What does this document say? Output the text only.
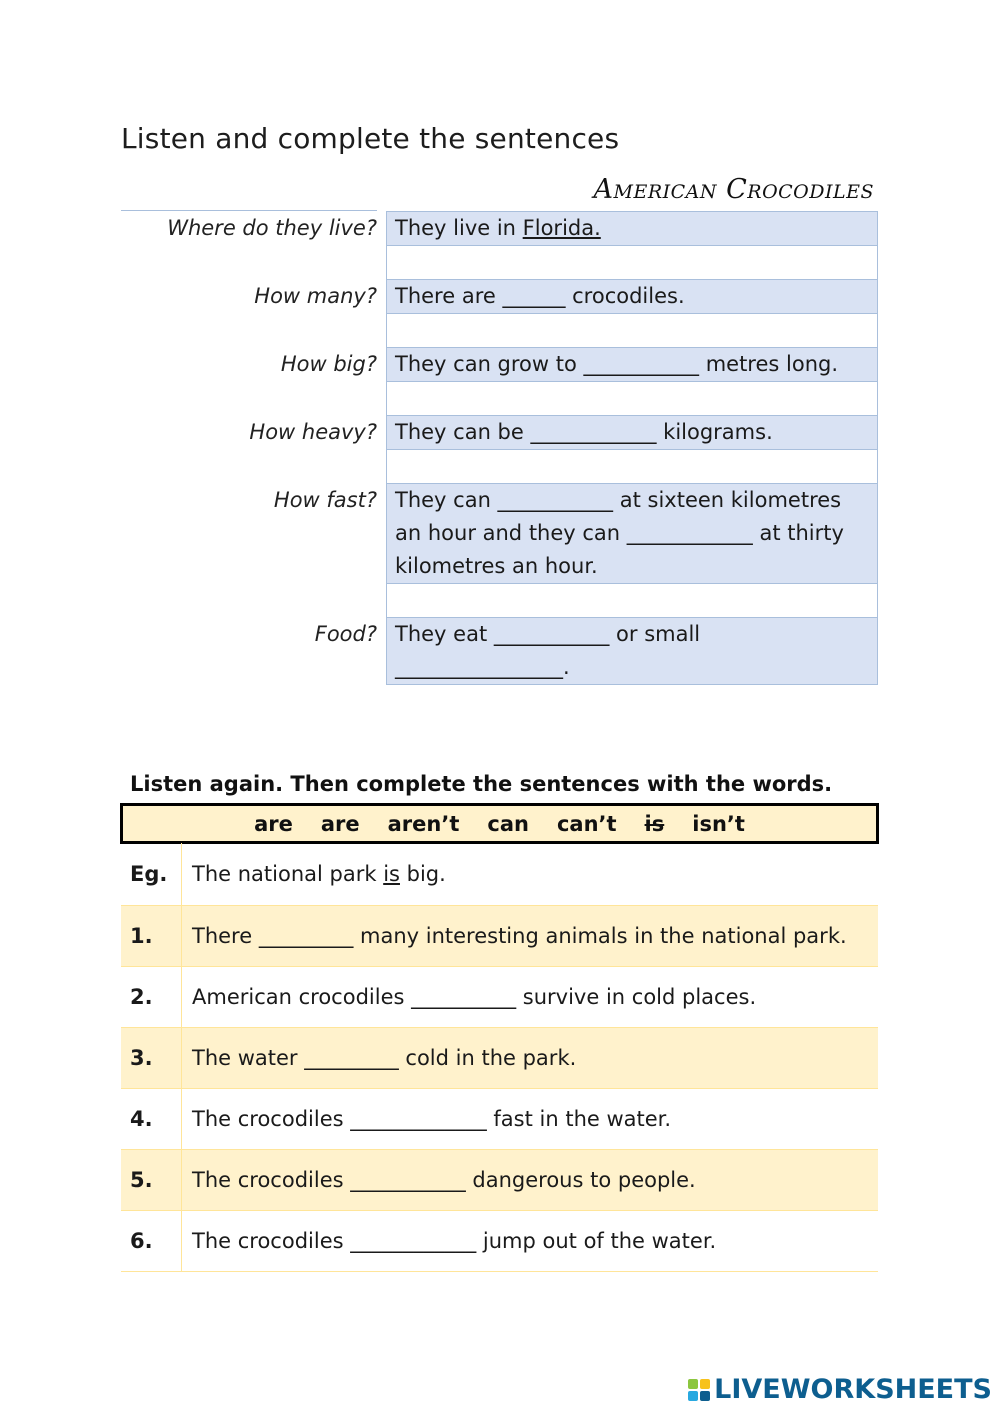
Listen and complete the sentences
American Crocodiles
Where do they live?	They live in Florida.

How many?	There are ______ crocodiles.

How big?	They can grow to ___________ metres long.

How heavy?	They can be ____________ kilograms.

How fast?	They can ___________ at sixteen kilometres an hour and they can ____________ at thirty kilometres an hour.

Food?	They eat ___________ or small ________________.
Listen again. Then complete the sentences with the words.
are are aren’t can can’t is isn’t
Eg.	The national park is big.
1.	There _________ many interesting animals in the national park.
2.	American crocodiles __________ survive in cold places.
3.	The water _________ cold in the park.
4.	The crocodiles _____________ fast in the water.
5.	The crocodiles ___________ dangerous to people.
6.	The crocodiles ____________ jump out of the water.
LIVEWORKSHEETS
